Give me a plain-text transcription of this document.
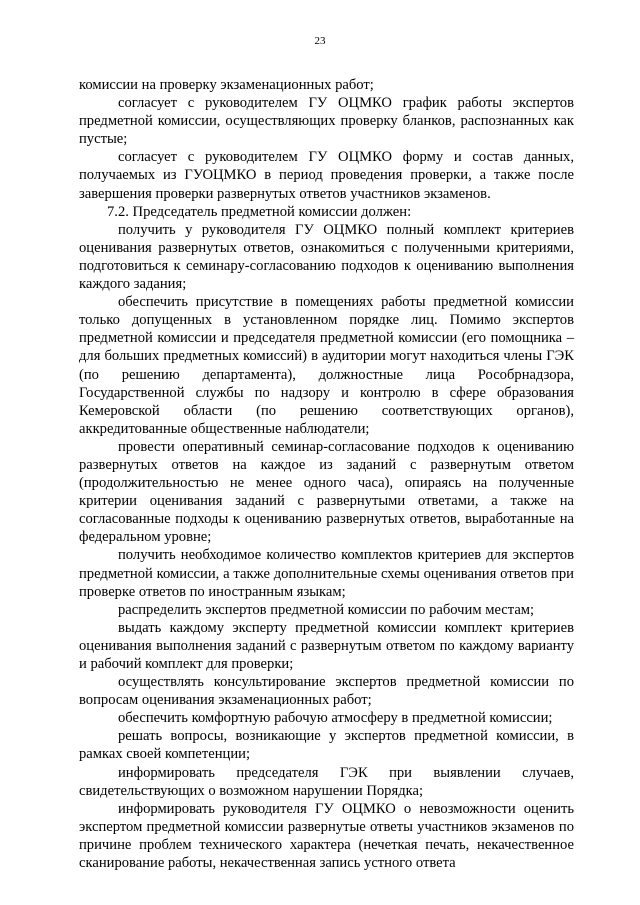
23

комиссии на проверку экзаменационных работ;

согласует с руководителем ГУ ОЦМКО график работы экспертов предметной комиссии, осуществляющих проверку бланков, распознанных как пустые;

согласует с руководителем ГУ ОЦМКО форму и состав данных, получаемых из ГУОЦМКО в период проведения проверки, а также после завершения проверки развернутых ответов участников экзаменов.

7.2. Председатель предметной комиссии должен:

получить у руководителя ГУ ОЦМКО полный комплект критериев оценивания развернутых ответов, ознакомиться с полученными критериями, подготовиться к семинару-согласованию подходов к оцениванию выполнения каждого задания;

обеспечить присутствие в помещениях работы предметной комиссии только допущенных в установленном порядке лиц. Помимо экспертов предметной комиссии и председателя предметной комиссии (его помощника – для больших предметных комиссий) в аудитории могут находиться члены ГЭК (по решению департамента), должностные лица Рособрнадзора, Государственной службы по надзору и контролю в сфере образования Кемеровской области (по решению соответствующих органов), аккредитованные общественные наблюдатели;

провести оперативный семинар-согласование подходов к оцениванию развернутых ответов на каждое из заданий с развернутым ответом (продолжительностью не менее одного часа), опираясь на полученные критерии оценивания заданий с развернутыми ответами, а также на согласованные подходы к оцениванию развернутых ответов, выработанные на федеральном уровне;

получить необходимое количество комплектов критериев для экспертов предметной комиссии, а также дополнительные схемы оценивания ответов при проверке ответов по иностранным языкам;

распределить экспертов предметной комиссии по рабочим местам;

выдать каждому эксперту предметной комиссии комплект критериев оценивания выполнения заданий с развернутым ответом по каждому варианту и рабочий комплект для проверки;

осуществлять консультирование экспертов предметной комиссии по вопросам оценивания экзаменационных работ;

обеспечить комфортную рабочую атмосферу в предметной комиссии;

решать вопросы, возникающие у экспертов предметной комиссии, в рамках своей компетенции;

информировать председателя ГЭК при выявлении случаев, свидетельствующих о возможном нарушении Порядка;

информировать руководителя ГУ ОЦМКО о невозможности оценить экспертом предметной комиссии развернутые ответы участников экзаменов по причине проблем технического характера (нечеткая печать, некачественное сканирование работы, некачественная запись устного ответа
